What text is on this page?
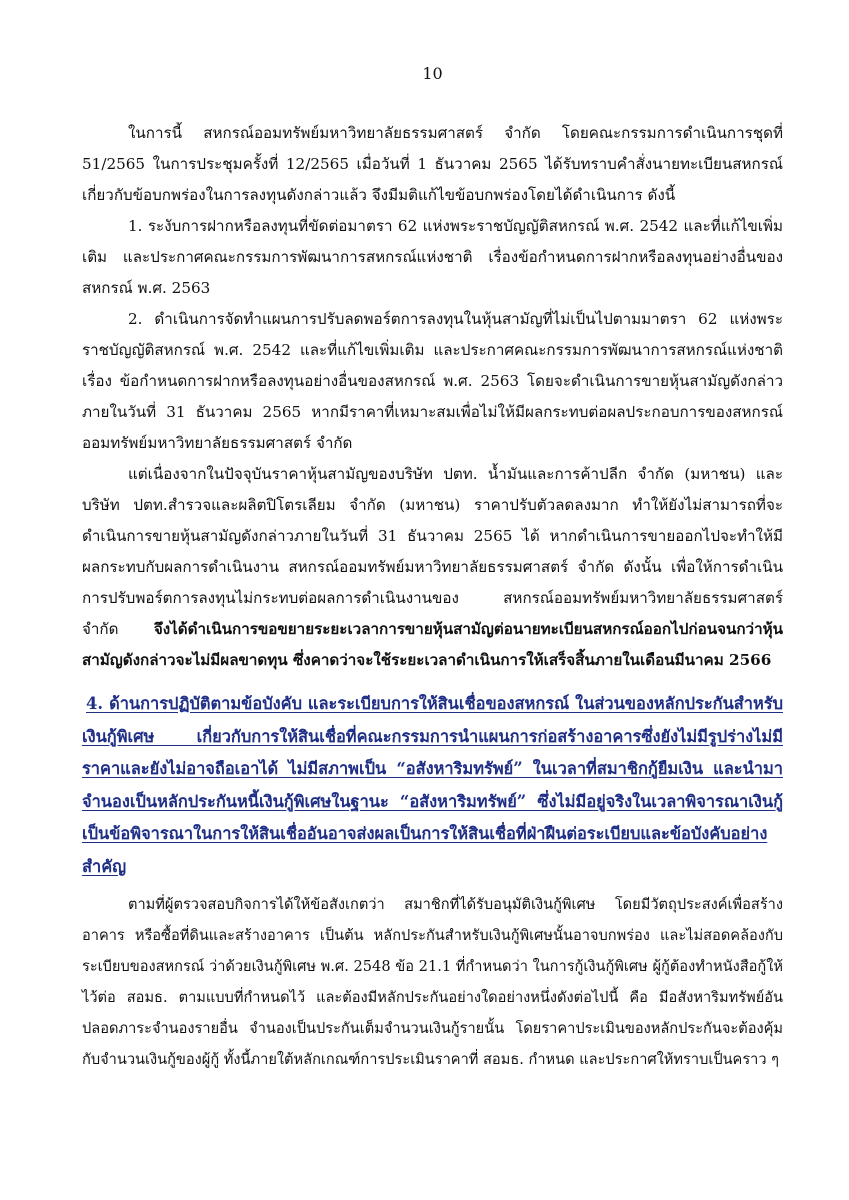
10

ในการนี้ สหกรณ์ออมทรัพย์มหาวิทยาลัยธรรมศาสตร์ จำกัด โดยคณะกรรมการดำเนินการชุดที่ 51/2565 ในการประชุมครั้งที่ 12/2565 เมื่อวันที่ 1 ธันวาคม 2565 ได้รับทราบคำสั่งนายทะเบียนสหกรณ์เกี่ยวกับข้อบกพร่องในการลงทุนดังกล่าวแล้ว จึงมีมติแก้ไขข้อบกพร่องโดยได้ดำเนินการ ดังนี้

1. ระงับการฝากหรือลงทุนที่ขัดต่อมาตรา 62 แห่งพระราชบัญญัติสหกรณ์ พ.ศ. 2542 และที่แก้ไขเพิ่มเติม และประกาศคณะกรรมการพัฒนาการสหกรณ์แห่งชาติ เรื่องข้อกำหนดการฝากหรือลงทุนอย่างอื่นของสหกรณ์ พ.ศ. 2563

2. ดำเนินการจัดทำแผนการปรับลดพอร์ตการลงทุนในหุ้นสามัญที่ไม่เป็นไปตามมาตรา 62 แห่งพระราชบัญญัติสหกรณ์ พ.ศ. 2542 และที่แก้ไขเพิ่มเติม และประกาศคณะกรรมการพัฒนาการสหกรณ์แห่งชาติ เรื่อง ข้อกำหนดการฝากหรือลงทุนอย่างอื่นของสหกรณ์ พ.ศ. 2563 โดยจะดำเนินการขายหุ้นสามัญดังกล่าวภายในวันที่ 31 ธันวาคม 2565 หากมีราคาที่เหมาะสมเพื่อไม่ให้มีผลกระทบต่อผลประกอบการของสหกรณ์ออมทรัพย์มหาวิทยาลัยธรรมศาสตร์ จำกัด

แต่เนื่องจากในปัจจุบันราคาหุ้นสามัญของบริษัท ปตท. น้ำมันและการค้าปลีก จำกัด (มหาชน) และบริษัท ปตท.สำรวจและผลิตปิโตรเลียม จำกัด (มหาชน) ราคาปรับตัวลดลงมาก ทำให้ยังไม่สามารถที่จะดำเนินการขายหุ้นสามัญดังกล่าวภายในวันที่ 31 ธันวาคม 2565 ได้ หากดำเนินการขายออกไปจะทำให้มีผลกระทบกับผลการดำเนินงาน สหกรณ์ออมทรัพย์มหาวิทยาลัยธรรมศาสตร์ จำกัด ดังนั้น เพื่อให้การดำเนินการปรับพอร์ตการลงทุนไม่กระทบต่อผลการดำเนินงานของ สหกรณ์ออมทรัพย์มหาวิทยาลัยธรรมศาสตร์ จำกัด จึงได้ดำเนินการขอขยายระยะเวลาการขายหุ้นสามัญต่อนายทะเบียนสหกรณ์ออกไปก่อนจนกว่าหุ้นสามัญดังกล่าวจะไม่มีผลขาดทุน ซึ่งคาดว่าจะใช้ระยะเวลาดำเนินการให้เสร็จสิ้นภายในเดือนมีนาคม 2566

4. ด้านการปฏิบัติตามข้อบังคับ และระเบียบการให้สินเชื่อของสหกรณ์ ในส่วนของหลักประกันสำหรับเงินกู้พิเศษ เกี่ยวกับการให้สินเชื่อที่คณะกรรมการนำแผนการก่อสร้างอาคารซึ่งยังไม่มีรูปร่างไม่มีราคาและยังไม่อาจถือเอาได้ ไม่มีสภาพเป็น “อสังหาริมทรัพย์” ในเวลาที่สมาชิกกู้ยืมเงิน และนำมาจำนองเป็นหลักประกันหนี้เงินกู้พิเศษในฐานะ “อสังหาริมทรัพย์” ซึ่งไม่มีอยู่จริงในเวลาพิจารณาเงินกู้เป็นข้อพิจารณาในการให้สินเชื่ออันอาจส่งผลเป็นการให้สินเชื่อที่ฝ่าฝืนต่อระเบียบและข้อบังคับอย่างสำคัญ

ตามที่ผู้ตรวจสอบกิจการได้ให้ข้อสังเกตว่า สมาชิกที่ได้รับอนุมัติเงินกู้พิเศษ โดยมีวัตถุประสงค์เพื่อสร้างอาคาร หรือซื้อที่ดินและสร้างอาคาร เป็นต้น หลักประกันสำหรับเงินกู้พิเศษนั้นอาจบกพร่อง และไม่สอดคล้องกับระเบียบของสหกรณ์ ว่าด้วยเงินกู้พิเศษ พ.ศ. 2548 ข้อ 21.1 ที่กำหนดว่า ในการกู้เงินกู้พิเศษ ผู้กู้ต้องทำหนังสือกู้ให้ไว้ต่อ สอมธ. ตามแบบที่กำหนดไว้ และต้องมีหลักประกันอย่างใดอย่างหนึ่งดังต่อไปนี้ คือ มีอสังหาริมทรัพย์อันปลอดภาระจำนองรายอื่น จำนองเป็นประกันเต็มจำนวนเงินกู้รายนั้น โดยราคาประเมินของหลักประกันจะต้องคุ้มกับจำนวนเงินกู้ของผู้กู้ ทั้งนี้ภายใต้หลักเกณฑ์การประเมินราคาที่ สอมธ. กำหนด และประกาศให้ทราบเป็นคราว ๆ
